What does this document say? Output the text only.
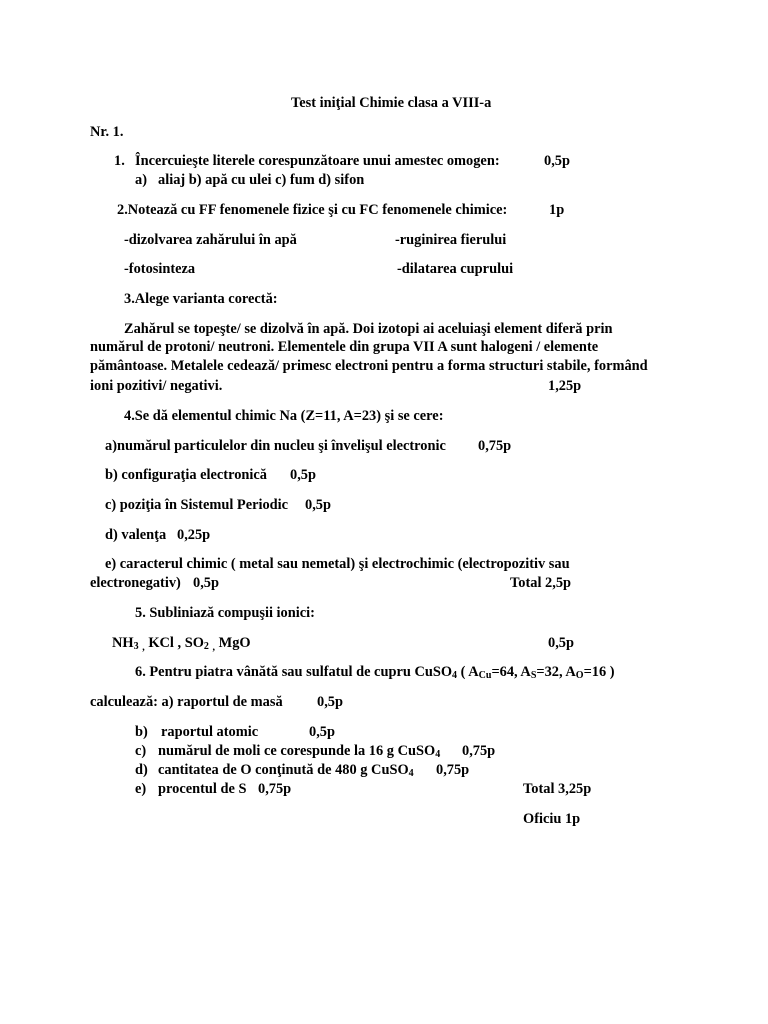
Test iniţial Chimie clasa a VIII-a
Nr. 1.
1. Încercuieşte literele corespunzătoare unui amestec omogen:	0,5p
a) aliaj b) apă cu ulei c) fum d) sifon
2.Notează cu FF fenomenele fizice şi cu FC fenomenele chimice:	1p
-dizolvarea zahărului în apă	-ruginirea fierului
-fotosinteza	-dilatarea cuprului
3.Alege varianta corectă:
Zahărul se topeşte/ se dizolvă în apă. Doi izotopi ai aceluiaşi element diferă prin
numărul de protoni/ neutroni. Elementele din grupa VII A sunt halogeni / elemente
pământoase. Metalele cedează/ primesc electroni pentru a forma structuri stabile, formând
ioni pozitivi/ negativi.	1,25p
4.Se dă elementul chimic Na (Z=11, A=23) şi se cere:
a)numărul particulelor din nucleu şi învelişul electronic 0,75p
b) configuraţia electronică 0,5p
c) poziţia în Sistemul Periodic 0,5p
d) valenţa 0,25p
e) caracterul chimic ( metal sau nemetal) şi electrochimic (electropozitiv sau
electronegativ) 0,5p	Total 2,5p
5. Subliniază compuşii ionici:
$NH_3$ $_,$ KCl , $SO_2$ $_,$ MgO	0,5p
6. Pentru piatra vânătă sau sulfatul de cupru CuSO$_4$ ( $A_{Cu}=64$, $A_S=32$, $A_O=16$ )
calculează: a) raportul de masă 0,5p
b) raportul atomic	0,5p
c) numărul de moli ce corespunde la 16 g CuSO$_4$ 0,75p
d) cantitatea de O conţinută de 480 g CuSO$_4$ 0,75p
e) procentul de S 0,75p	Total 3,25p
Oficiu 1p
